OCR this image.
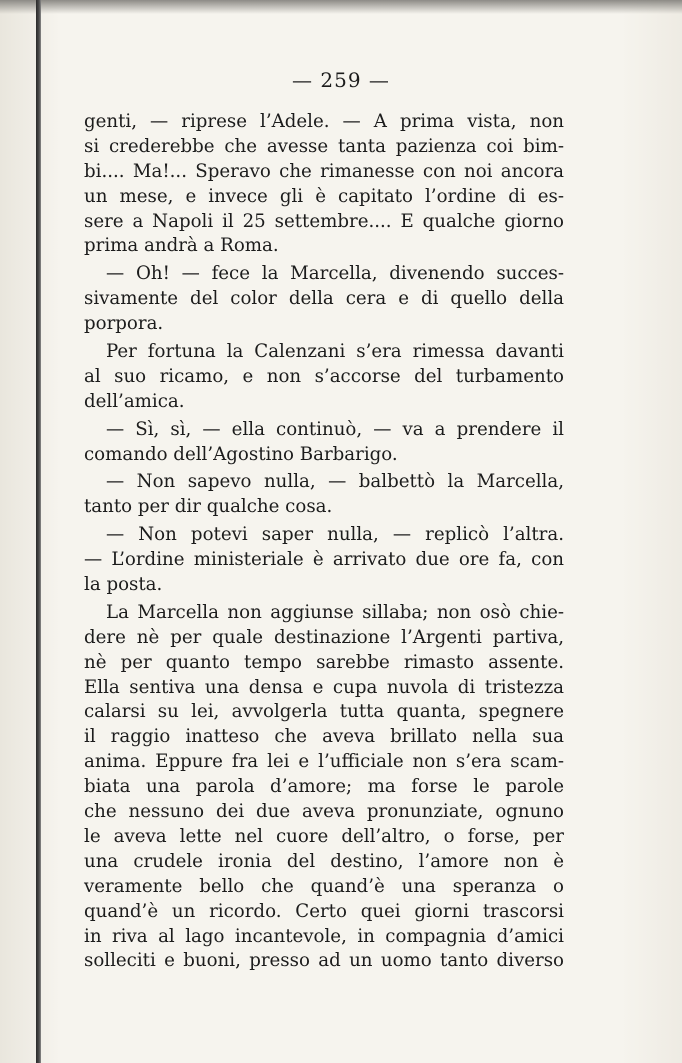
— 259 —
genti, — riprese l’Adele. — A prima vista, non
si crederebbe che avesse tanta pazienza coi bim-
bi.... Ma!... Speravo che rimanesse con noi ancora
un mese, e invece gli è capitato l’ordine di es-
sere a Napoli il 25 settembre.... E qualche giorno
prima andrà a Roma.
— Oh! — fece la Marcella, divenendo succes-
sivamente del color della cera e di quello della
porpora.
Per fortuna la Calenzani s’era rimessa davanti
al suo ricamo, e non s’accorse del turbamento
dell’amica.
— Sì, sì, — ella continuò, — va a prendere il
comando dell’Agostino Barbarigo.
— Non sapevo nulla, — balbettò la Marcella,
tanto per dir qualche cosa.
— Non potevi saper nulla, — replicò l’altra.
— L’ordine ministeriale è arrivato due ore fa, con
la posta.
La Marcella non aggiunse sillaba; non osò chie-
dere nè per quale destinazione l’Argenti partiva,
nè per quanto tempo sarebbe rimasto assente.
Ella sentiva una densa e cupa nuvola di tristezza
calarsi su lei, avvolgerla tutta quanta, spegnere
il raggio inatteso che aveva brillato nella sua
anima. Eppure fra lei e l’ufficiale non s’era scam-
biata una parola d’amore; ma forse le parole
che nessuno dei due aveva pronunziate, ognuno
le aveva lette nel cuore dell’altro, o forse, per
una crudele ironia del destino, l’amore non è
veramente bello che quand’è una speranza o
quand’è un ricordo. Certo quei giorni trascorsi
in riva al lago incantevole, in compagnia d’amici
solleciti e buoni, presso ad un uomo tanto diverso
